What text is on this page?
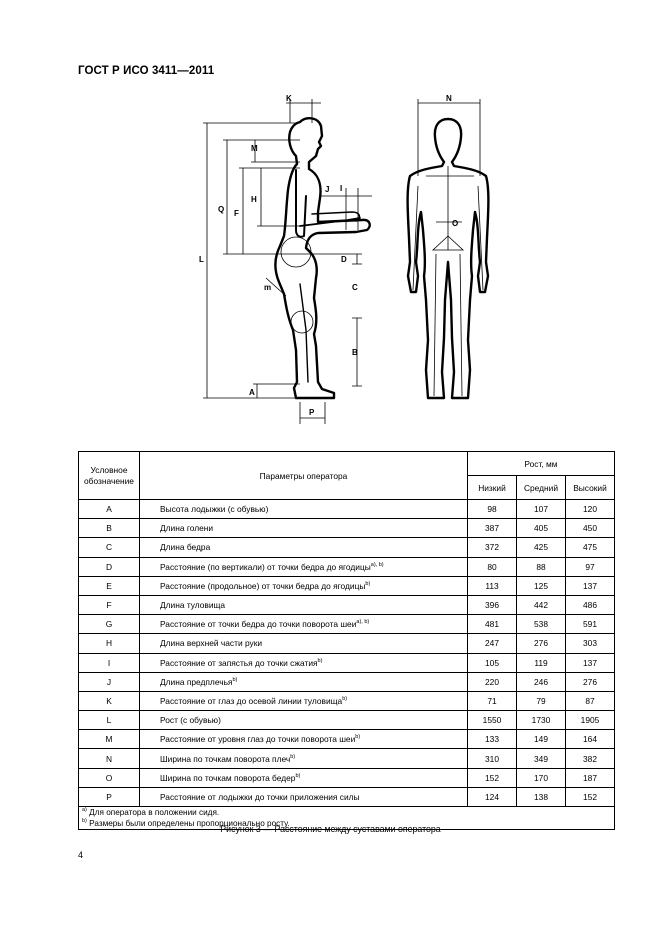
ГОСТ Р ИСО 3411—2011
K	N
M
I
J
Q F
H
L
O
D
m	C
B
A
P
Условное
обозначение	Параметры оператора	Рост, мм		
		Низкий	Средний	Высокий
A	Высота лодыжки (с обувью)	98	107	120
B	Длина голени	387	405	450
C	Длина бедра	372	425	475
D	Расстояние (по вертикали) от точки бедра до ягодицы$^{a), b)}$	80	88	97
E	Расстояние (продольное) от точки бедра до ягодицы$^{b)}$	113	125	137
F	Длина туловища	396	442	486
G	Расстояние от точки бедра до точки поворота шеи$^{a), b)}$	481	538	591
H	Длина верхней части руки	247	276	303
I	Расстояние от запястья до точки сжатия$^{b)}$	105	119	137
J	Длина предплечья$^{b)}$	220	246	276
K	Расстояние от глаз до осевой линии туловища$^{b)}$	71	79	87
L	Рост (с обувью)	1550	1730	1905
M	Расстояние от уровня глаз до точки поворота шеи$^{b)}$	133	149	164
N	Ширина по точкам поворота плеч$^{b)}$	310	349	382
O	Ширина по точкам поворота бедер$^{b)}$	152	170	187
P	Расстояние от лодыжки до точки приложения силы	124	138	152

$^{a)}$ Для оператора в положении сидя.
$^{b)}$ Размеры были определены пропорционально росту.				
Рисунок 3 — Расстояние между суставами оператора
4
